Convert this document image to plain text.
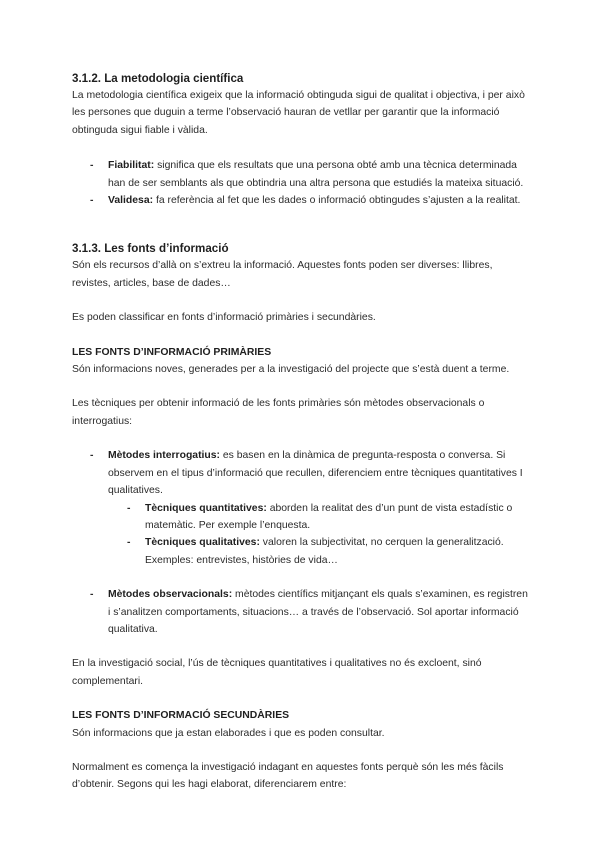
3.1.2. La metodologia científica

La metodologia científica exigeix que la informació obtinguda sigui de qualitat i objectiva, i per això les persones que duguin a terme l’observació hauran de vetllar per garantir que la informació obtinguda sigui fiable i vàlida.

-	Fiabilitat: significa que els resultats que una persona obté amb una tècnica determinada han de ser semblants als que obtindria una altra persona que estudiés la mateixa situació.
-	Validesa: fa referència al fet que les dades o informació obtingudes s’ajusten a la realitat.
3.1.3. Les fonts d’informació

Són els recursos d’allà on s’extreu la informació. Aquestes fonts poden ser diverses: llibres, revistes, articles, base de dades…

Es poden classificar en fonts d’informació primàries i secundàries.

LES FONTS D’INFORMACIÓ PRIMÀRIES

Són informacions noves, generades per a la investigació del projecte que s’està duent a terme.

Les tècniques per obtenir informació de les fonts primàries són mètodes observacionals o interrogatius:

-	Mètodes interrogatius: es basen en la dinàmica de pregunta-resposta o conversa. Si observem en el tipus d’informació que recullen, diferenciem entre tècniques quantitatives I qualitatives.
-	Tècniques quantitatives: aborden la realitat des d’un punt de vista estadístic o matemàtic. Per exemple l’enquesta.
-	Tècniques qualitatives: valoren la subjectivitat, no cerquen la generalització. Exemples: entrevistes, històries de vida…
-	Mètodes observacionals: mètodes científics mitjançant els quals s’examinen, es registren i s’analitzen comportaments, situacions… a través de l’observació. Sol aportar informació qualitativa.

En la investigació social, l’ús de tècniques quantitatives i qualitatives no és excloent, sinó complementari.

LES FONTS D’INFORMACIÓ SECUNDÀRIES

Són informacions que ja estan elaborades i que es poden consultar.

Normalment es comença la investigació indagant en aquestes fonts perquè són les més fàcils d’obtenir. Segons qui les hagi elaborat, diferenciarem entre:
